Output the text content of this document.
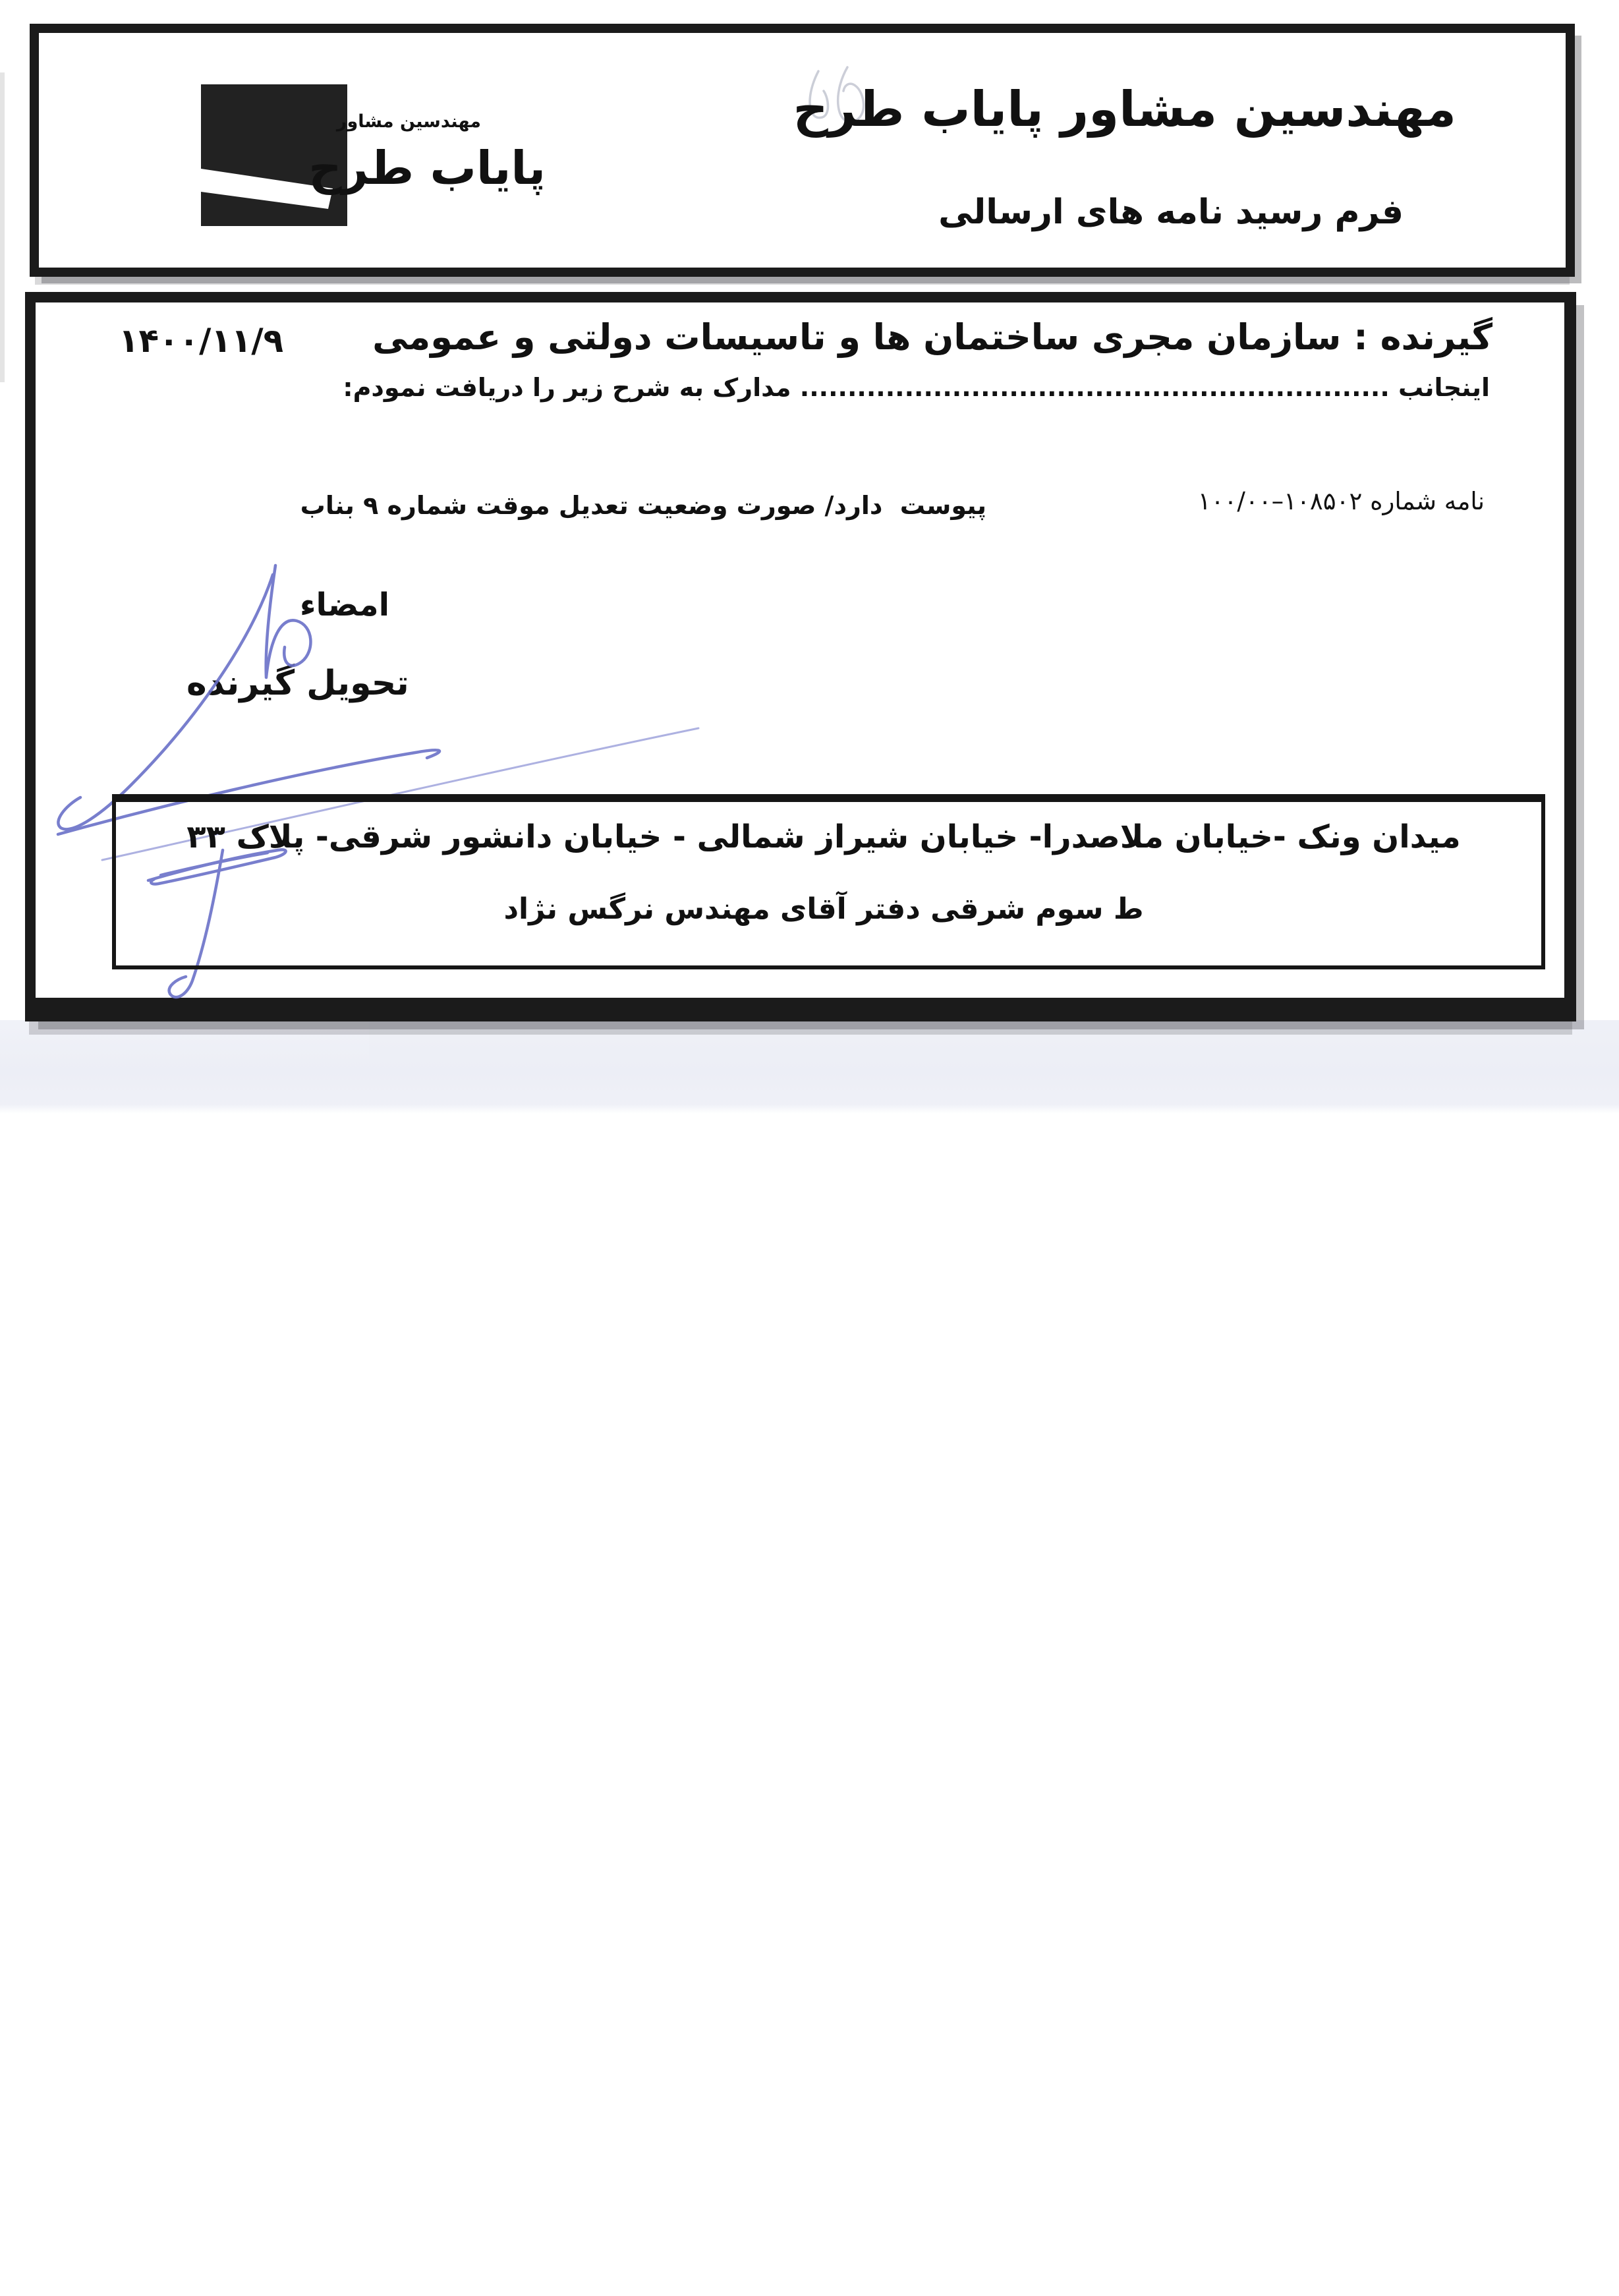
مهندسین مشاور
پایاب طرح
مهندسین مشاور پایاب طرح
فرم رسید نامه های ارسالی
گیرنده : سازمان مجری ساختمان ها و تاسیسات دولتی و عمومی
۱۴۰۰/۱۱/۹
اینجانب .............................................................. مدارک به شرح زیر را دریافت نمودم:
نامه شماره ۱۰۸۵۰۲–۱۰۰/۰۰
پیوست  دارد/ صورت وضعیت تعدیل موقت شماره ۹ بناب
امضاء
تحویل گیرنده
میدان ونک -خیابان ملاصدرا- خیابان شیراز شمالی - خیابان دانشور شرقی- پلاک ۳۳
ط سوم شرقی دفتر آقای مهندس نرگس نژاد
